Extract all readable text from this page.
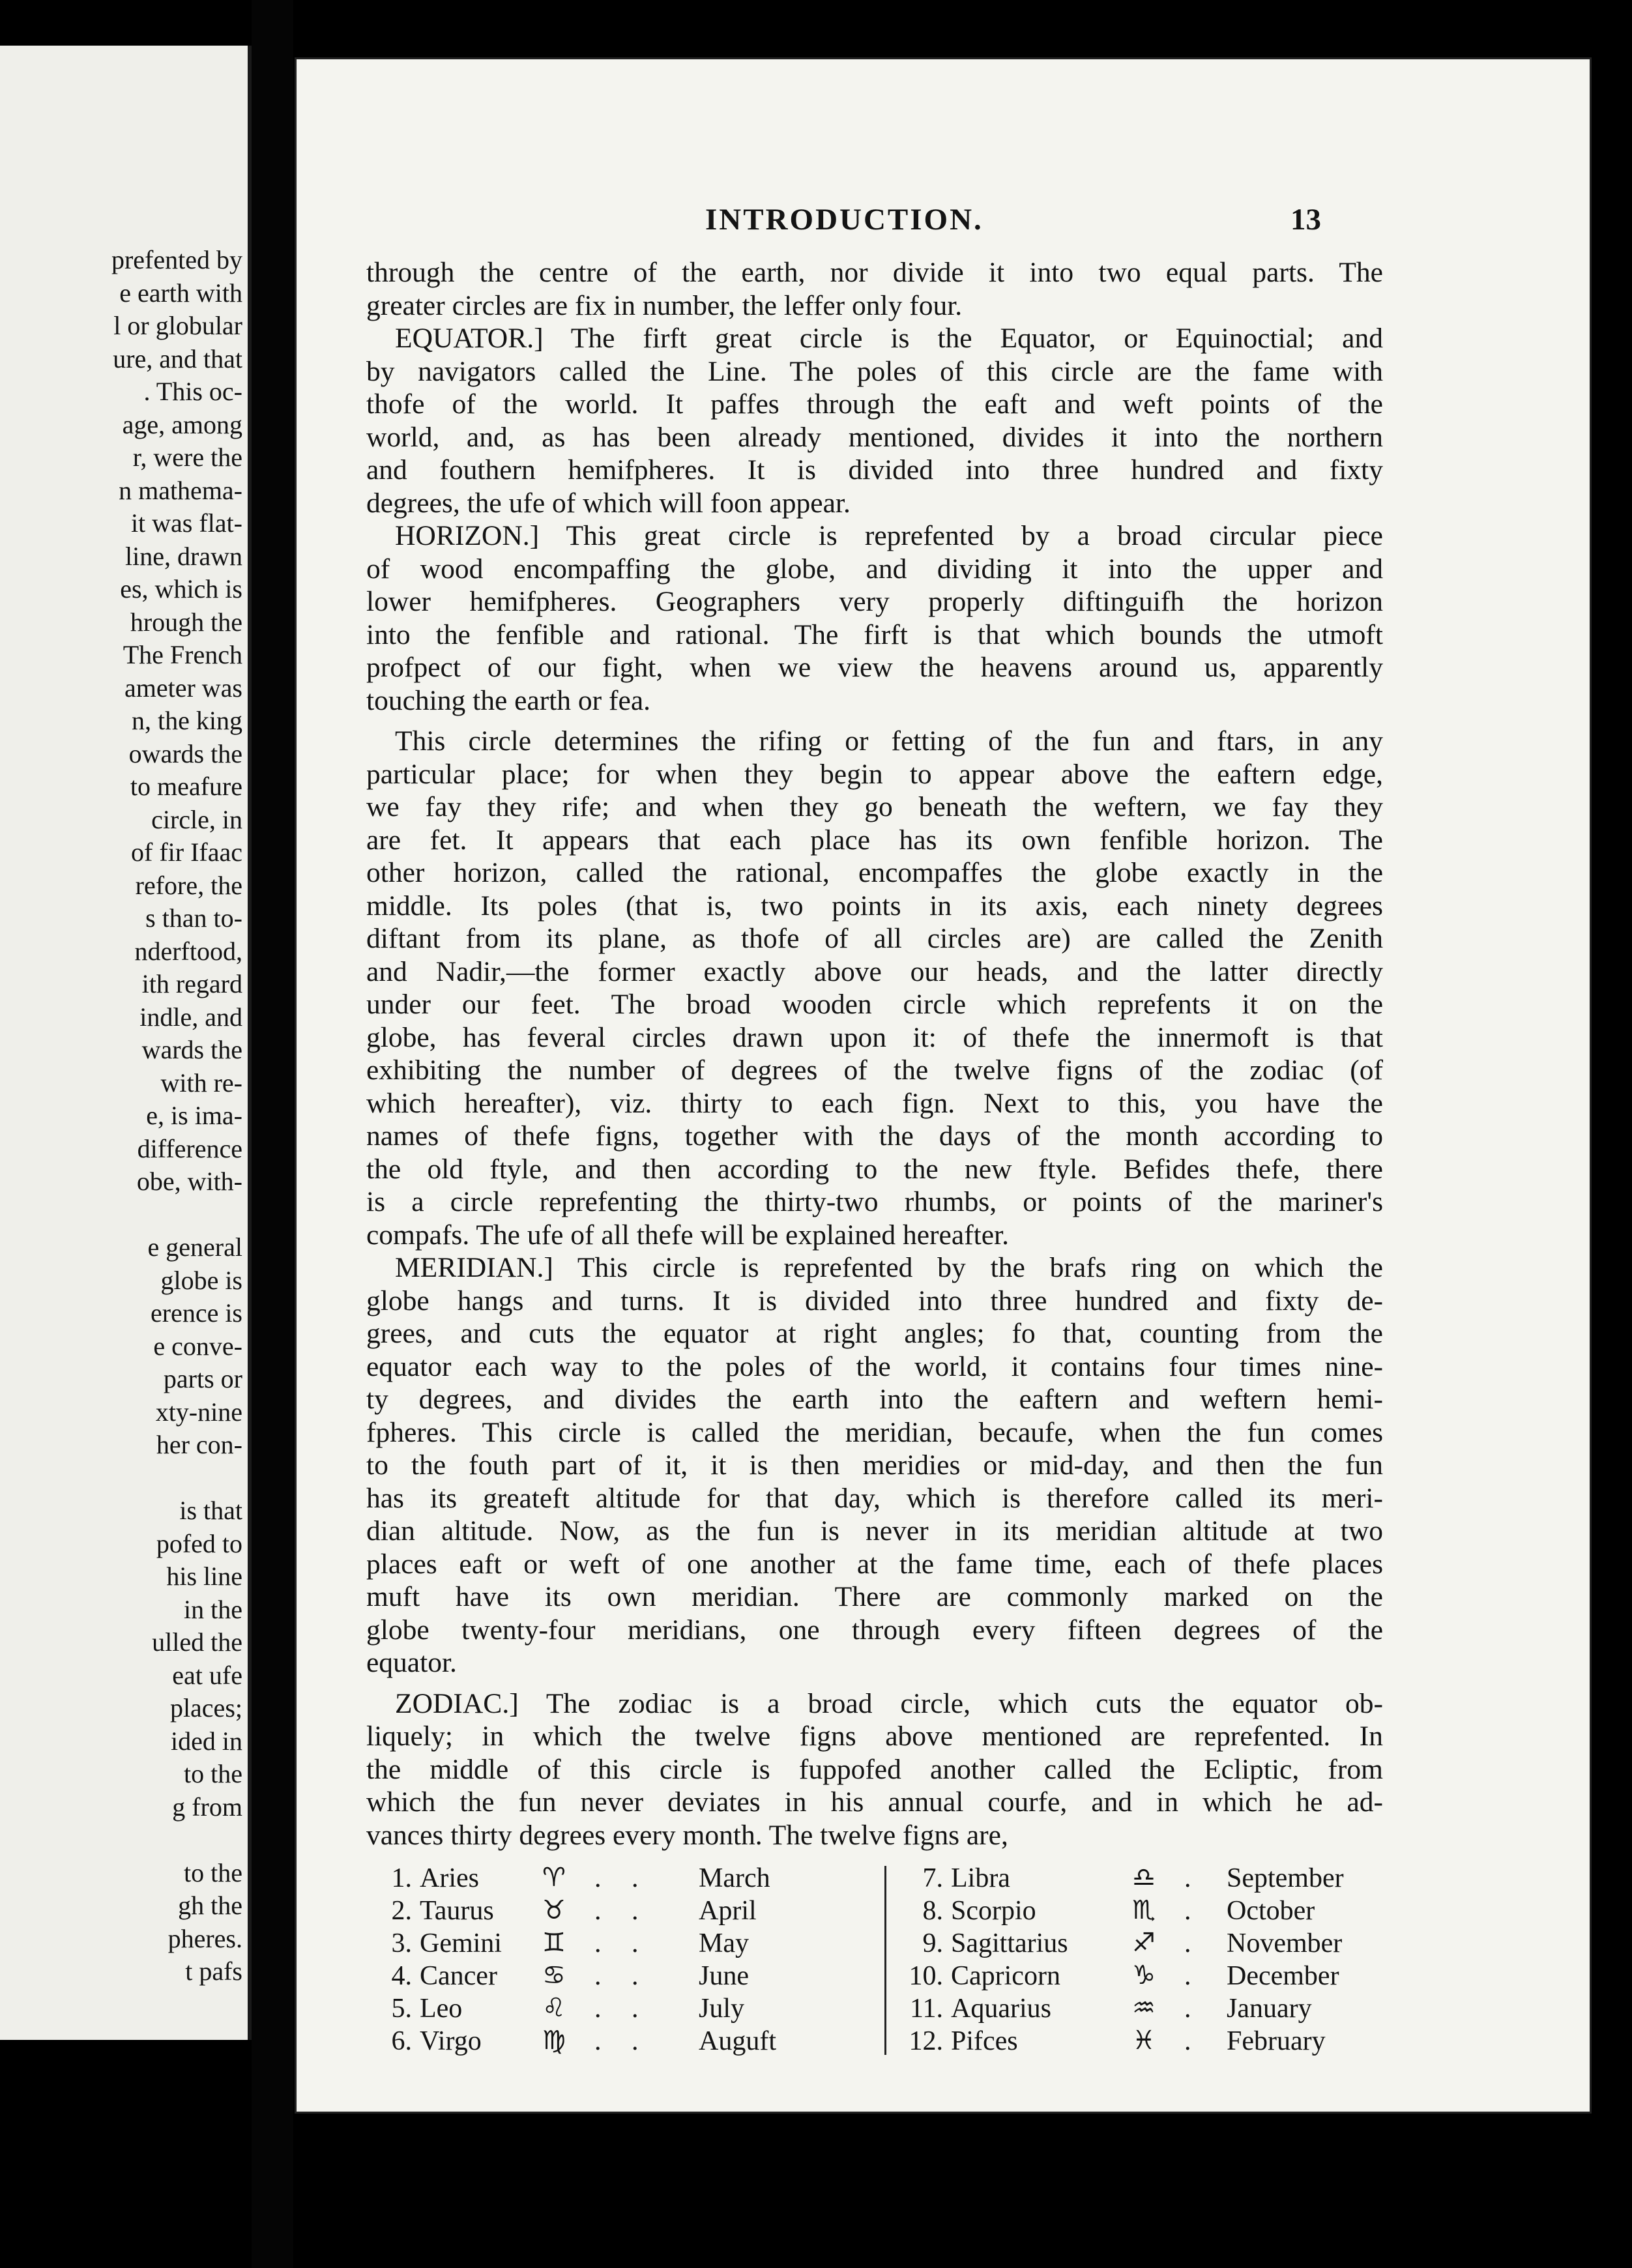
prefented by
e earth with
l or globular
ure, and that
. This oc-
age, among
r, were the
n mathema-
it was flat-
line, drawn
es, which is
hrough the
The French
ameter was
n, the king
owards the
to meafure
circle, in
of fir Ifaac
refore, the
s than to-
nderftood,
ith regard
indle, and
wards the
with re-
e, is ima-
difference
obe, with-
e general
globe is
erence is
e conve-
parts or
xty-nine
her con-
is that
pofed to
his line
in the
ulled the
eat ufe
places;
ided in
to the
g from
to the
gh the
pheres.
t pafs
INTRODUCTION.	13
through the centre of the earth, nor divide it into two equal parts. The
greater circles are fix in number, the leffer only four.
EQUATOR.] The firft great circle is the Equator, or Equinoctial; and
by navigators called the Line. The poles of this circle are the fame with
thofe of the world. It paffes through the eaft and weft points of the
world, and, as has been already mentioned, divides it into the northern
and fouthern hemifpheres. It is divided into three hundred and fixty
degrees, the ufe of which will foon appear.
HORIZON.] This great circle is reprefented by a broad circular piece
of wood encompaffing the globe, and dividing it into the upper and
lower hemifpheres. Geographers very properly diftinguifh the horizon
into the fenfible and rational. The firft is that which bounds the utmoft
profpect of our fight, when we view the heavens around us, apparently
touching the earth or fea.
This circle determines the rifing or fetting of the fun and ftars, in any
particular place; for when they begin to appear above the eaftern edge,
we fay they rife; and when they go beneath the weftern, we fay they
are fet. It appears that each place has its own fenfible horizon. The
other horizon, called the rational, encompaffes the globe exactly in the
middle. Its poles (that is, two points in its axis, each ninety degrees
diftant from its plane, as thofe of all circles are) are called the Zenith
and Nadir,—the former exactly above our heads, and the latter directly
under our feet. The broad wooden circle which reprefents it on the
globe, has feveral circles drawn upon it: of thefe the innermoft is that
exhibiting the number of degrees of the twelve figns of the zodiac (of
which hereafter), viz. thirty to each fign. Next to this, you have the
names of thefe figns, together with the days of the month according to
the old ftyle, and then according to the new ftyle. Befides thefe, there
is a circle reprefenting the thirty-two rhumbs, or points of the mariner's
compafs. The ufe of all thefe will be explained hereafter.
MERIDIAN.] This circle is reprefented by the brafs ring on which the
globe hangs and turns. It is divided into three hundred and fixty de-
grees, and cuts the equator at right angles; fo that, counting from the
equator each way to the poles of the world, it contains four times nine-
ty degrees, and divides the earth into the eaftern and weftern hemi-
fpheres. This circle is called the meridian, becaufe, when the fun comes
to the fouth part of it, it is then meridies or mid-day, and then the fun
has its greateft altitude for that day, which is therefore called its meri-
dian altitude. Now, as the fun is never in its meridian altitude at two
places eaft or weft of one another at the fame time, each of thefe places
muft have its own meridian. There are commonly marked on the
globe twenty-four meridians, one through every fifteen degrees of the
equator.
ZODIAC.] The zodiac is a broad circle, which cuts the equator ob-
liquely; in which the twelve figns above mentioned are reprefented. In
the middle of this circle is fuppofed another called the Ecliptic, from
which the fun never deviates in his annual courfe, and in which he ad-
vances thirty degrees every month. The twelve figns are,
1. Aries ♈	March
. .
2. Taurus ♉	April
. .
3. Gemini ♊	May
. .
4. Cancer ♋	June
. .
5. Leo	♌	July
. .
6. Virgo ♍	Auguft
. .
7. Libra	♎	September
.
8. Scorpio	♏	October
.
9. Sagittarius ♐	November
.
10. Capricorn	♑	December
.
11. Aquarius	♒	January
.
12. Pifces	♓	February
.
